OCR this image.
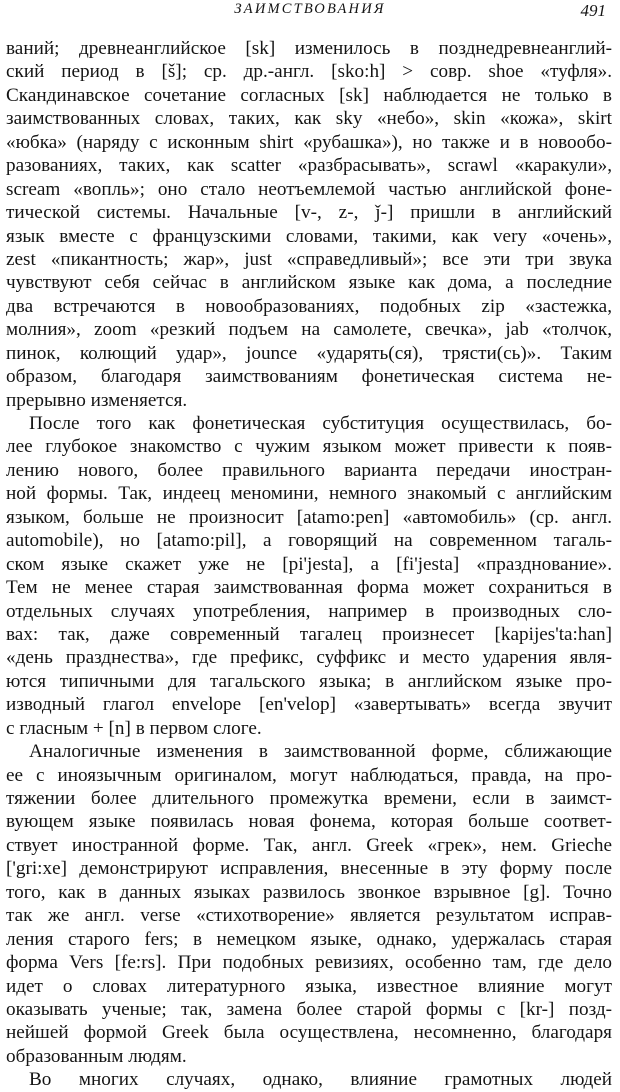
ЗАИМСТВОВАНИЯ	491
ваний; древнеанглийское [sk] изменилось в позднедревнеанглий-
ский период в [š]; ср. др.-англ. [sko:h] > совр. shoe «туфля».
Скандинавское сочетание согласных [sk] наблюдается не только в
заимствованных словах, таких, как sky «небо», skin «кожа», skirt
«юбка» (наряду с исконным shirt «рубашка»), но также и в новообо-
разованиях, таких, как scatter «разбрасывать», scrawl «каракули»,
scream «вопль»; оно стало неотъемлемой частью английской фоне-
тической системы. Начальные [v-, z-, ǰ-] пришли в английский
язык вместе с французскими словами, такими, как very «очень»,
zest «пикантность; жар», just «справедливый»; все эти три звука
чувствуют себя сейчас в английском языке как дома, а последние
два встречаются в новообразованиях, подобных zip «застежка,
молния», zoom «резкий подъем на самолете, свечка», jab «толчок,
пинок, колющий удар», jounce «ударять(ся), трясти(сь)». Таким
образом, благодаря заимствованиям фонетическая система не-
прерывно изменяется.
После того как фонетическая субституция осуществилась, бо-
лее глубокое знакомство с чужим языком может привести к появ-
лению нового, более правильного варианта передачи иностран-
ной формы. Так, индеец меномини, немного знакомый с английским
языком, больше не произносит [atamo:pen] «автомобиль» (ср. англ.
automobile), но [atamo:pil], а говорящий на современном тагаль-
ском языке скажет уже не [pi'jesta], а [fi'jesta] «празднование».
Тем не менее старая заимствованная форма может сохраниться в
отдельных случаях употребления, например в производных сло-
вах: так, даже современный тагалец произнесет [kapijes'ta:han]
«день празднества», где префикс, суффикс и место ударения явля-
ются типичными для тагальского языка; в английском языке про-
изводный глагол envelope [en'velop] «завертывать» всегда звучит
с гласным + [n] в первом слоге.
Аналогичные изменения в заимствованной форме, сближающие
ее с иноязычным оригиналом, могут наблюдаться, правда, на про-
тяжении более длительного промежутка времени, если в заимст-
вующем языке появилась новая фонема, которая больше соответ-
ствует иностранной форме. Так, англ. Greek «грек», нем. Grieche
['gri:xe] демонстрируют исправления, внесенные в эту форму после
того, как в данных языках развилось звонкое взрывное [g]. Точно
так же англ. verse «стихотворение» является результатом исправ-
ления старого fers; в немецком языке, однако, удержалась старая
форма Vers [fe:rs]. При подобных ревизиях, особенно там, где дело
идет о словах литературного языка, известное влияние могут
оказывать ученые; так, замена более старой формы с [kr-] позд-
нейшей формой Greek была осуществлена, несомненно, благодаря
образованным людям.
Во многих случаях, однако, влияние грамотных людей
